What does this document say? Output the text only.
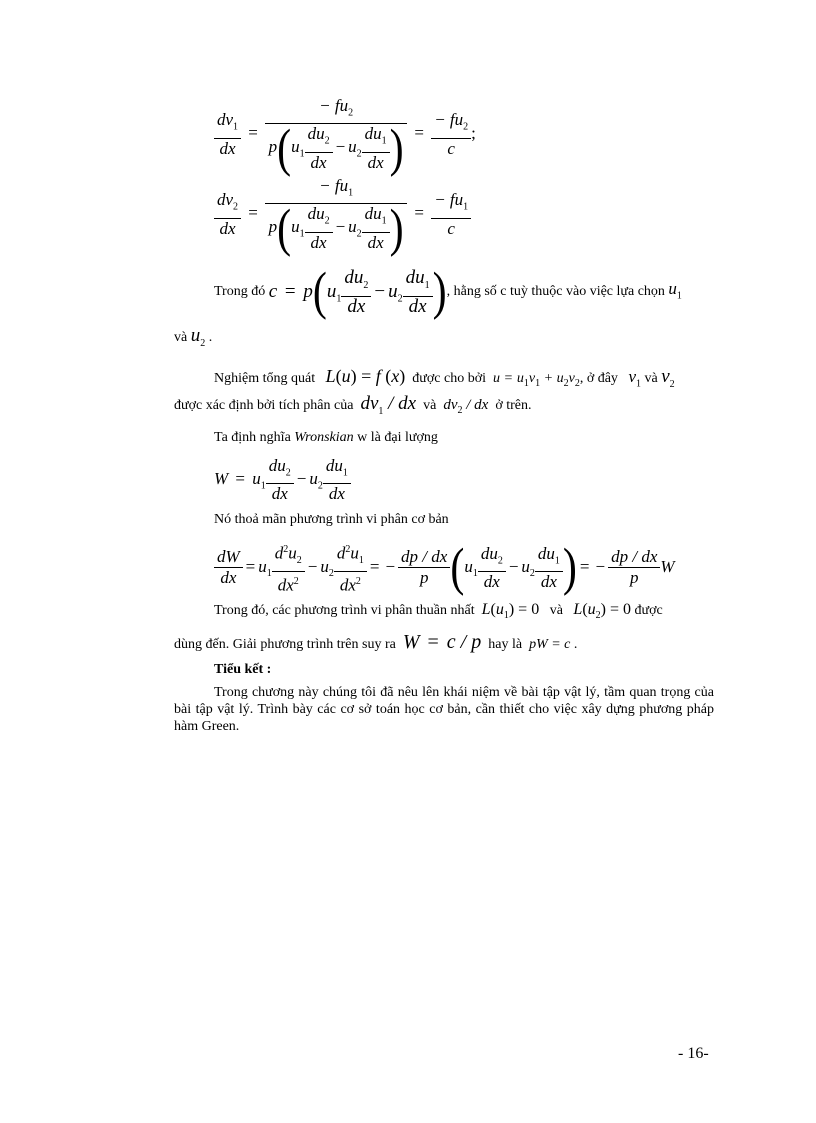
$\frac{dv_1}{dx} = \frac{- fu_2}{p(u_1 \frac{du_2}{dx} - u_2 \frac{du_1}{dx} )} = \frac{- fu_2}{c}$ ;
$\frac{dv_2}{dx} = \frac{- fu_1}{p(u_1 \frac{du_2}{dx} - u_2 \frac{du_1}{dx} )} = \frac{- fu_1}{c}$
Trong đó
$c = p(u_1 \frac{du_2}{dx} - u_2 \frac{du_1}{dx}$ ) , hằng số c tuỳ thuộc vào việc lựa chọn
$u_1$
và $u_2$ .
Nghiệm tổng quát L(u) = f (x) được cho bởi $u = u_1v_1 + u_2v_2$, ở đây $v_1$ và $v_2$
được xác định bởi tích phân của $dv_1$ / dx và $dv_2$ / dx ở trên.
Ta định nghĩa Wronskian w là đại lượng
$W = u_1 \frac{du_2}{dx} - u_2 \frac{du_1}{dx}$
Nó thoả mãn phương trình vi phân cơ bản
$\frac{dW}{dx} = u_1 \frac{d^2u_2}{dx^2} - u_2 \frac{d^2u_1}{dx^2}$ = − $\frac{dp / dx}{p} (u_1 \frac{du_2}{dx} - u_2 \frac{du_1}{dx}$ ) = − $\frac{dp / dx}{p}$ W
Trong đó, các phương trình vi phân thuần nhất $L(u_1) = 0$ và $L(u_2) = 0$ được
dùng đến. Giải phương trình trên suy ra W = c / p hay là pW = c .
Tiểu kết :
Trong chương này chúng tôi đã nêu lên khái niệm về bài tập vật lý, tầm quan trọng của bài tập vật lý. Trình bày các cơ sở toán học cơ bản, cần thiết cho việc xây dựng phương pháp hàm Green.
- 16-
